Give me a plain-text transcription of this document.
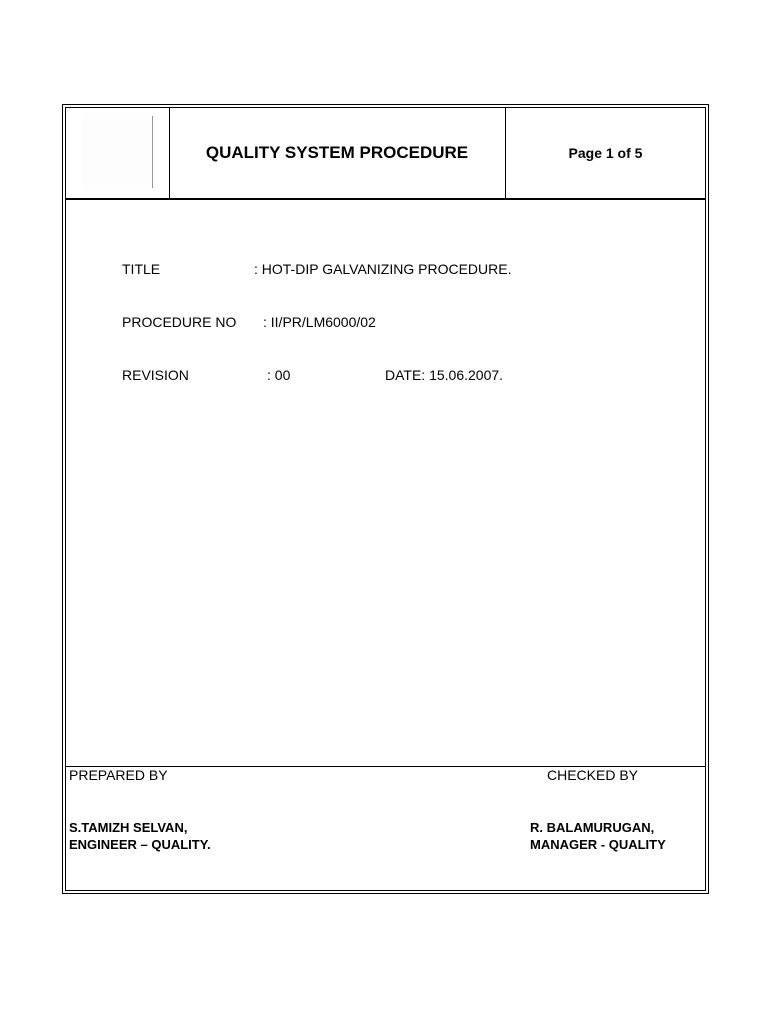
QUALITY SYSTEM PROCEDURE	Page 1 of 5
TITLE	: HOT-DIP GALVANIZING PROCEDURE.
PROCEDURE NO : II/PR/LM6000/02
REVISION	: 00	DATE: 15.06.2007.
PREPARED BY	CHECKED BY
S.TAMIZH SELVAN,
ENGINEER – QUALITY.
R. BALAMURUGAN,
MANAGER - QUALITY
